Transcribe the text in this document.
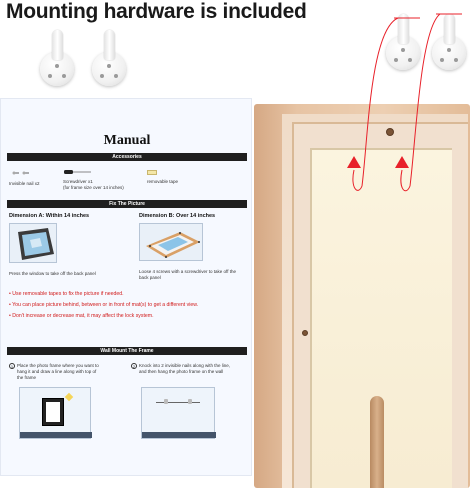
Mounting hardware is included
Manual
Accessories
Invisible nail x2	Screwdriver x1
(for frame size over 14 inches)
removable tape
Fix The Picture
Dimension A: Within 14 inches	Dimension B: Over 14 inches
Press the window to take off the back panel	Loose 4 screws with a screwdriver to take off the
back panel
• Use removable tapes to fix the picture if needed.
• You can place picture behind, between or in front of mat(s) to get a different view.
• Don't increase or decrease mat, it may affect the lock system.
Wall Mount The Frame
1 Place the photo frame where you want to
hang it and draw a line along with top of
the frame
2 Knock into 2 invisible nails along with the line,
and then hang the photo frame on the wall
